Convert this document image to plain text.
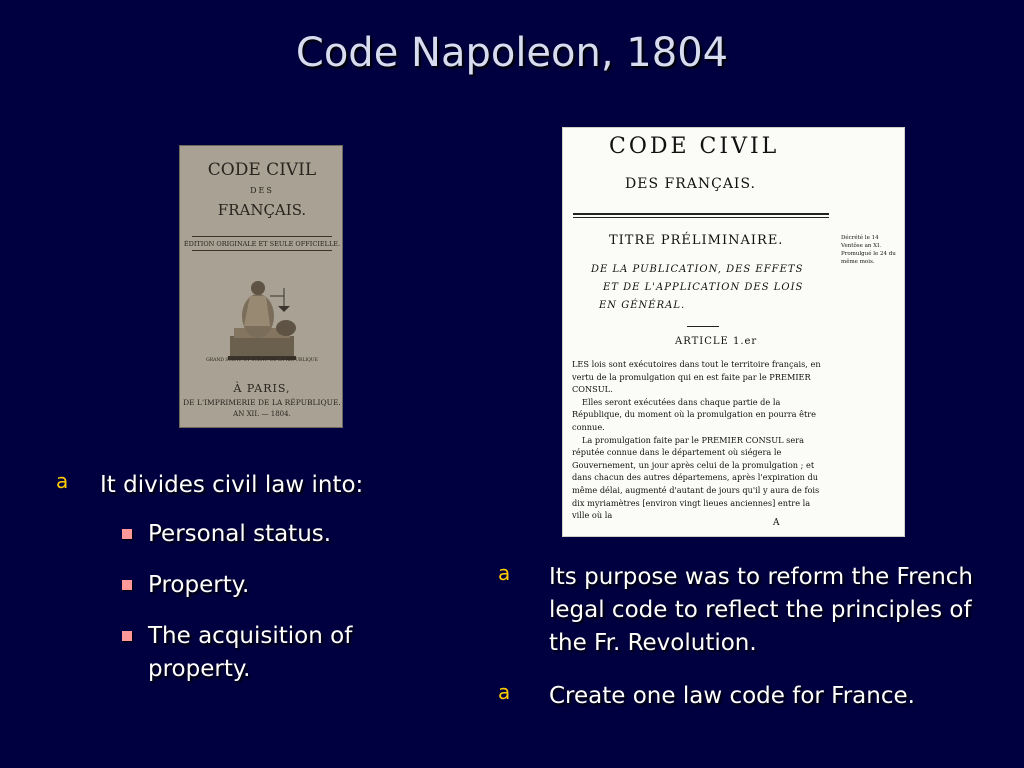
Code Napoleon, 1804
CODE CIVIL
DES
FRANÇAIS.
ÉDITION ORIGINALE ET SEULE OFFICIELLE.
GRAND SCEAU ET SCEAU DE LA RÉPUBLIQUE
À PARIS,
DE L'IMPRIMERIE DE LA RÉPUBLIQUE.
AN XII. — 1804.
CODE CIVIL
DES FRANÇAIS.
TITRE PRÉLIMINAIRE.	Décrété le 14 Ventôse an XI. Promulgué le 24 du même mois.
DE LA PUBLICATION, DES EFFETS
ET DE L'APPLICATION DES LOIS
EN GÉNÉRAL.
ARTICLE 1.er

LES lois sont exécutoires dans tout le territoire français, en vertu de la promulgation qui en est faite par le PREMIER CONSUL.

Elles seront exécutées dans chaque partie de la République, du moment où la promulgation en pourra être connue.

La promulgation faite par le PREMIER CONSUL sera réputée connue dans le département où siégera le Gouvernement, un jour après celui de la promulgation ; et dans chacun des autres départemens, après l'expiration du même délai, augmenté d'autant de jours qu'il y aura de fois dix myriamètres [environ vingt lieues anciennes] entre la ville où la

A
a	It divides civil law into:
Personal status.
Property.
The acquisition of property.
a	Its purpose was to reform the French legal code to reflect the principles of the Fr. Revolution.
a	Create one law code for France.
